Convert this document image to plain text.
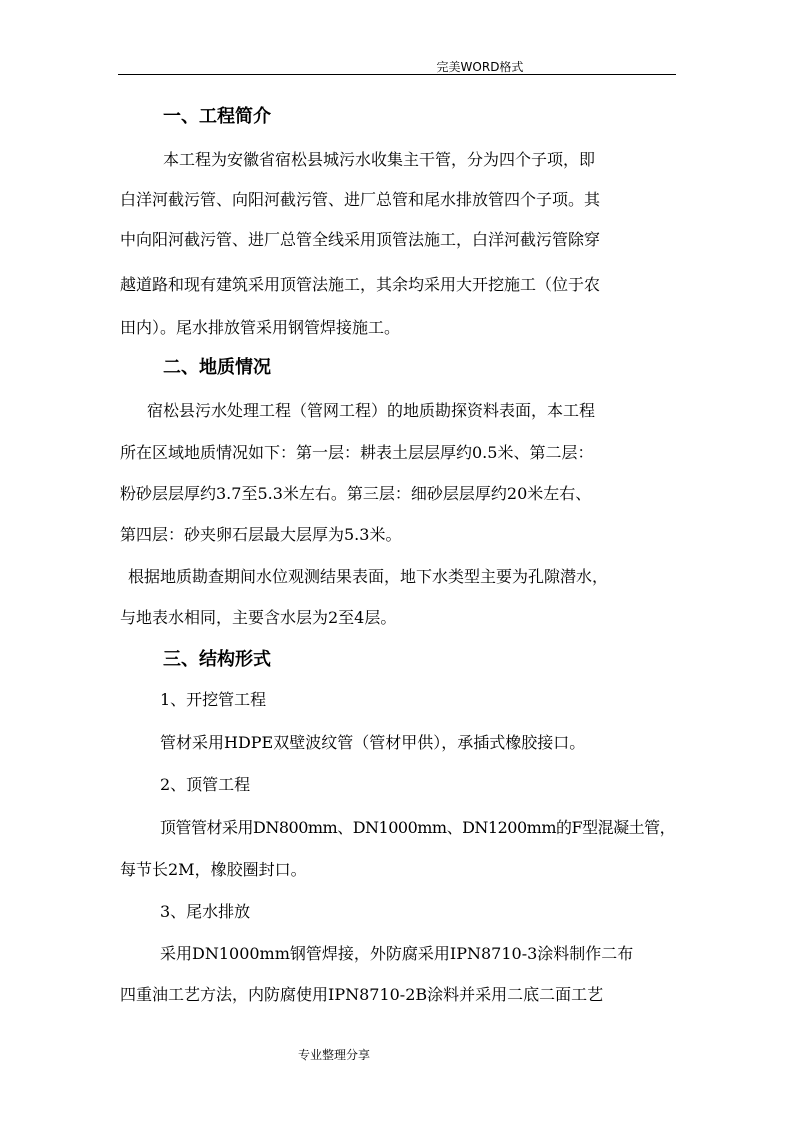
完美WORD格式
一、工程简介
本工程为安徽省宿松县城污水收集主干管，分为四个子项，即
白洋河截污管、向阳河截污管、进厂总管和尾水排放管四个子项。其
中向阳河截污管、进厂总管全线采用顶管法施工，白洋河截污管除穿
越道路和现有建筑采用顶管法施工，其余均采用大开挖施工（位于农
田内）。尾水排放管采用钢管焊接施工。
二、地质情况
宿松县污水处理工程（管网工程）的地质勘探资料表面，本工程
所在区域地质情况如下：第一层：耕表土层层厚约0.5米、第二层：
粉砂层层厚约3.7至5.3米左右。第三层：细砂层层厚约20米左右、
第四层：砂夹卵石层最大层厚为5.3米。
根据地质勘查期间水位观测结果表面，地下水类型主要为孔隙潜水，
与地表水相同，主要含水层为2至4层。
三、结构形式
1、开挖管工程
管材采用HDPE双壁波纹管（管材甲供），承插式橡胶接口。
2、顶管工程
顶管管材采用DN800mm、DN1000mm、DN1200mm的F型混凝土管，
每节长2M，橡胶圈封口。
3、尾水排放
采用DN1000mm钢管焊接，外防腐采用IPN8710-3涂料制作二布
四重油工艺方法，内防腐使用IPN8710-2B涂料并采用二底二面工艺
专业整理分享
